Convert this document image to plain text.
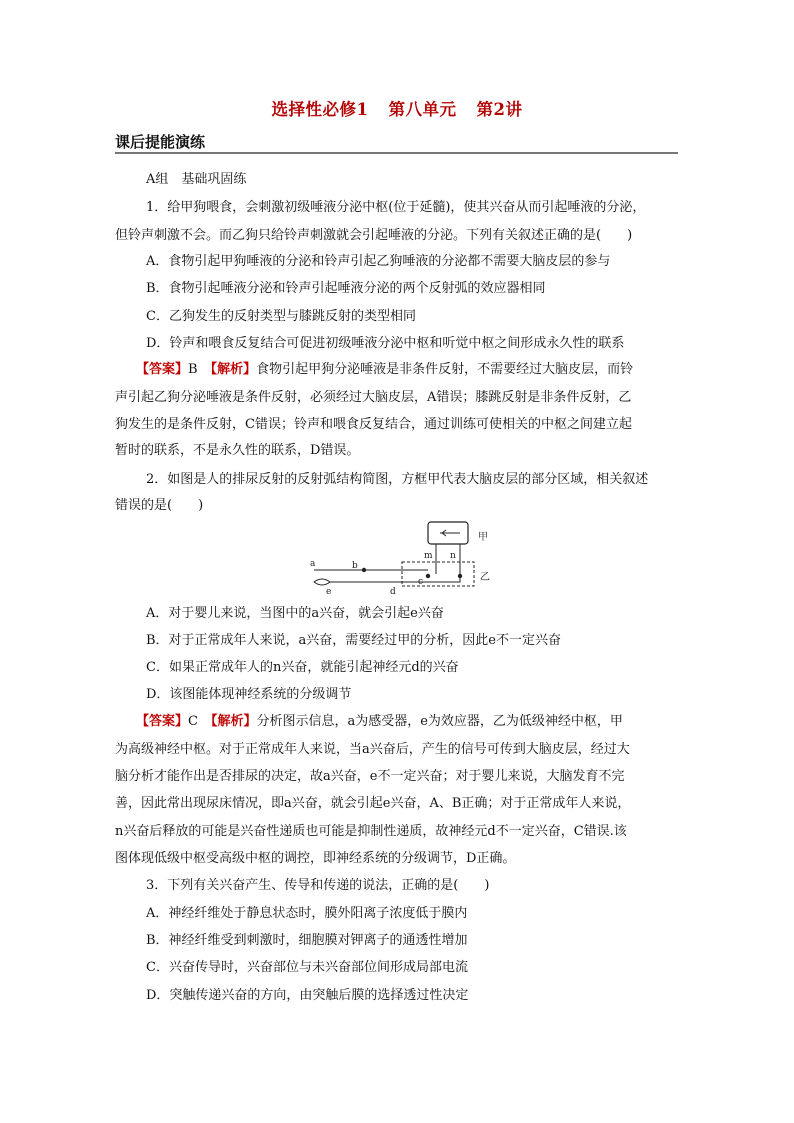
选择性必修1 第八单元 第2讲
课后提能演练
A组　基础巩固练
1．给甲狗喂食，会刺激初级唾液分泌中枢(位于延髓)，使其兴奋从而引起唾液的分泌，
但铃声刺激不会。而乙狗只给铃声刺激就会引起唾液的分泌。下列有关叙述正确的是(　　)
A．食物引起甲狗唾液的分泌和铃声引起乙狗唾液的分泌都不需要大脑皮层的参与
B．食物引起唾液分泌和铃声引起唾液分泌的两个反射弧的效应器相同
C．乙狗发生的反射类型与膝跳反射的类型相同
D．铃声和喂食反复结合可促进初级唾液分泌中枢和听觉中枢之间形成永久性的联系
【答案】B　【解析】食物引起甲狗分泌唾液是非条件反射，不需要经过大脑皮层，而铃
声引起乙狗分泌唾液是条件反射，必须经过大脑皮层，A错误；膝跳反射是非条件反射，乙
狗发生的是条件反射，C错误；铃声和喂食反复结合，通过训练可使相关的中枢之间建立起
暂时的联系，不是永久性的联系，D错误。
2．如图是人的排尿反射的反射弧结构简图，方框甲代表大脑皮层的部分区域，相关叙述
错误的是(　　)
甲
m n
乙
a	b
c
e	d
A．对于婴儿来说，当图中的a兴奋，就会引起e兴奋
B．对于正常成年人来说，a兴奋，需要经过甲的分析，因此e不一定兴奋
C．如果正常成年人的n兴奋，就能引起神经元d的兴奋
D．该图能体现神经系统的分级调节
【答案】C　【解析】分析图示信息，a为感受器，e为效应器，乙为低级神经中枢，甲
为高级神经中枢。对于正常成年人来说，当a兴奋后，产生的信号可传到大脑皮层，经过大
脑分析才能作出是否排尿的决定，故a兴奋，e不一定兴奋；对于婴儿来说，大脑发育不完
善，因此常出现尿床情况，即a兴奋，就会引起e兴奋，A、B正确；对于正常成年人来说，
n兴奋后释放的可能是兴奋性递质也可能是抑制性递质，故神经元d不一定兴奋，C错误.该
图体现低级中枢受高级中枢的调控，即神经系统的分级调节，D正确。
3．下列有关兴奋产生、传导和传递的说法，正确的是(　　)
A．神经纤维处于静息状态时，膜外阳离子浓度低于膜内
B．神经纤维受到刺激时，细胞膜对钾离子的通透性增加
C．兴奋传导时，兴奋部位与未兴奋部位间形成局部电流
D．突触传递兴奋的方向，由突触后膜的选择透过性决定
